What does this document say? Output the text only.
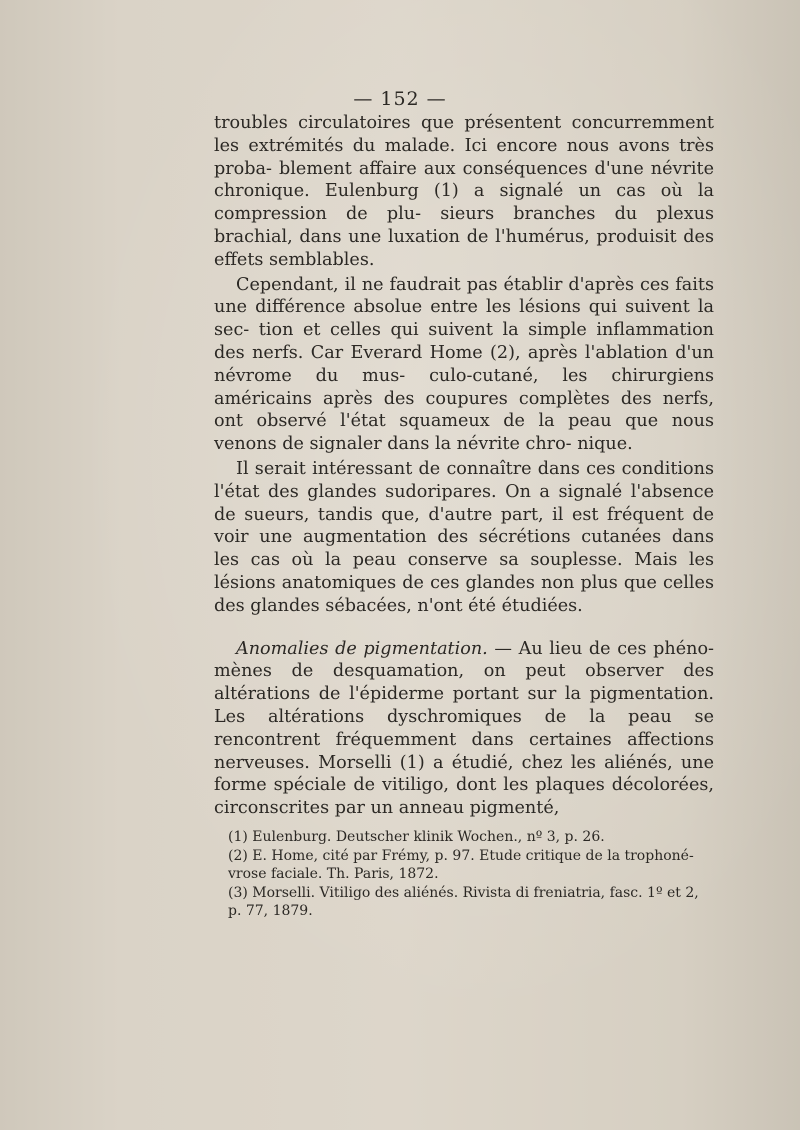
— 152 —

troubles circulatoires que présentent concurremment les extrémités du malade. Ici encore nous avons très proba- blement affaire aux conséquences d'une névrite chronique. Eulenburg (1) a signalé un cas où la compression de plu- sieurs branches du plexus brachial, dans une luxation de l'humérus, produisit des effets semblables.

Cependant, il ne faudrait pas établir d'après ces faits une différence absolue entre les lésions qui suivent la sec- tion et celles qui suivent la simple inflammation des nerfs. Car Everard Home (2), après l'ablation d'un névrome du mus- culo-cutané, les chirurgiens américains après des coupures complètes des nerfs, ont observé l'état squameux de la peau que nous venons de signaler dans la névrite chro- nique.

Il serait intéressant de connaître dans ces conditions l'état des glandes sudoripares. On a signalé l'absence de sueurs, tandis que, d'autre part, il est fréquent de voir une augmentation des sécrétions cutanées dans les cas où la peau conserve sa souplesse. Mais les lésions anatomiques de ces glandes non plus que celles des glandes sébacées, n'ont été étudiées.

Anomalies de pigmentation. — Au lieu de ces phéno- mènes de desquamation, on peut observer des altérations de l'épiderme portant sur la pigmentation. Les altérations dyschromiques de la peau se rencontrent fréquemment dans certaines affections nerveuses. Morselli (1) a étudié, chez les aliénés, une forme spéciale de vitiligo, dont les plaques décolorées, circonscrites par un anneau pigmenté,

(1) Eulenburg. Deutscher klinik Wochen., nº 3, p. 26.

(2) E. Home, cité par Frémy, p. 97. Etude critique de la trophoné- vrose faciale. Th. Paris, 1872.

(3) Morselli. Vitiligo des aliénés. Rivista di freniatria, fasc. 1º et 2, p. 77, 1879.
